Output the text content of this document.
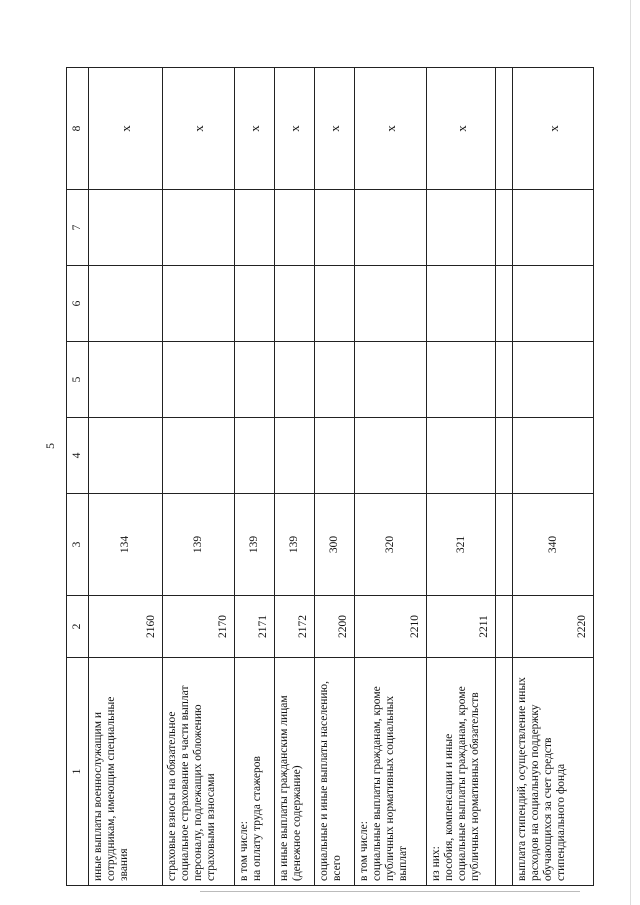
5
1	2	3	4	5	6	7	8

иные выплаты военнослужащим и сотрудникам, имеющим специальные звания	2160	134					x

страховые взносы на обязательное социальное страхование в части выплат персоналу, подлежащих обложению страховыми взносами	2170	139					x

в том числе: на оплату труда стажеров	2171	139					x

на иные выплаты гражданским лицам (денежное содержание)	2172	139					x

социальные и иные выплаты населению, всего	2200	300					x

в том числе: социальные выплаты гражданам, кроме публичных нормативных социальных выплат	2210	320					x

из них: пособия, компенсации и иные социальные выплаты гражданам, кроме публичных нормативных обязательств	2211	321					x

выплата стипендий, осуществление иных расходов на социальную поддержку обучающихся за счет средств стипендиального фонда	2220	340					x
